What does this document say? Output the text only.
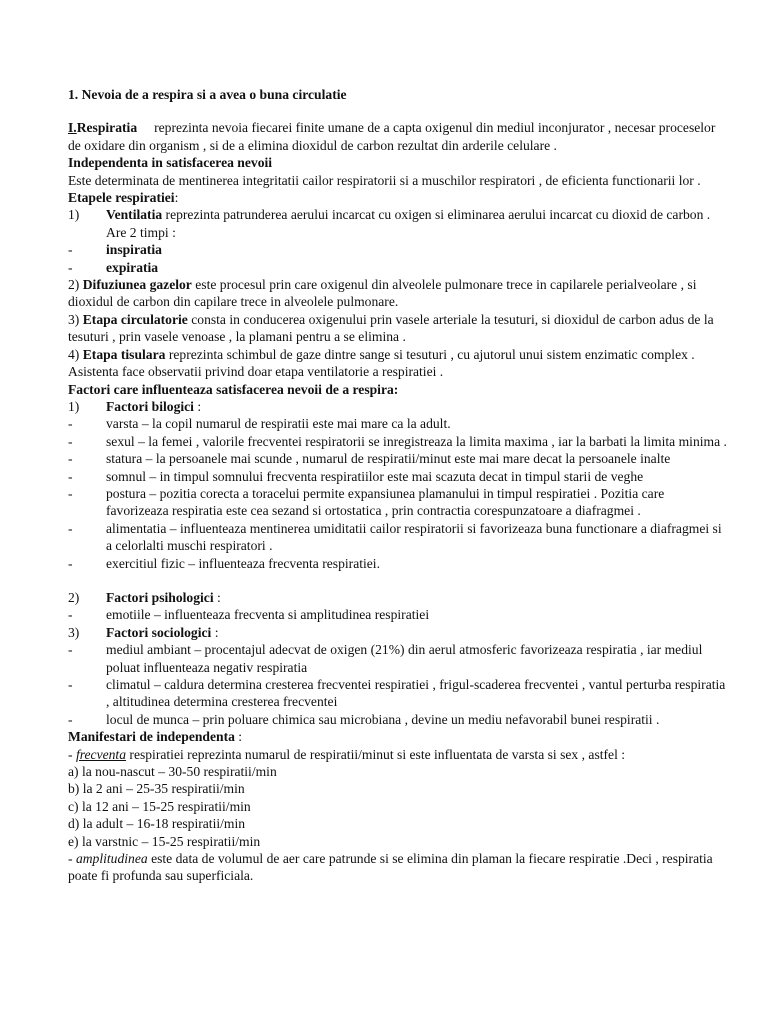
1. Nevoia de a respira si a avea o buna circulatie

I.Respiratia reprezinta nevoia fiecarei finite umane de a capta oxigenul din mediul inconjurator , necesar proceselor de oxidare din organism , si de a elimina dioxidul de carbon rezultat din arderile celulare .

Independenta in satisfacerea nevoii

Este determinata de mentinerea integritatii cailor respiratorii si a muschilor respiratori , de eficienta functionarii lor .

Etapele respiratiei:

1)	Ventilatia reprezinta patrunderea aerului incarcat cu oxigen si eliminarea aerului incarcat cu dioxid de carbon . Are 2 timpi :
-	inspiratia
-	expiratia

2) Difuziunea gazelor este procesul prin care oxigenul din alveolele pulmonare trece in capilarele perialveolare , si dioxidul de carbon din capilare trece in alveolele pulmonare.

3) Etapa circulatorie consta in conducerea oxigenului prin vasele arteriale la tesuturi, si dioxidul de carbon adus de la tesuturi , prin vasele venoase , la plamani pentru a se elimina .

4) Etapa tisulara reprezinta schimbul de gaze dintre sange si tesuturi , cu ajutorul unui sistem enzimatic complex .

Asistenta face observatii privind doar etapa ventilatorie a respiratiei .

Factori care influenteaza satisfacerea nevoii de a respira:

1)	Factori bilogici :
-	varsta – la copil numarul de respiratii este mai mare ca la adult.
-	sexul – la femei , valorile frecventei respiratorii se inregistreaza la limita maxima , iar la barbati la limita minima .
-	statura – la persoanele mai scunde , numarul de respiratii/minut este mai mare decat la persoanele inalte
-	somnul – in timpul somnului frecventa respiratiilor este mai scazuta decat in timpul starii de veghe
-	postura – pozitia corecta a toracelui permite expansiunea plamanului in timpul respiratiei . Pozitia care favorizeaza respiratia este cea sezand si ortostatica , prin contractia corespunzatoare a diafragmei .
-	alimentatia – influenteaza mentinerea umiditatii cailor respiratorii si favorizeaza buna functionare a diafragmei si a celorlalti muschi respiratori .
-	exercitiul fizic – influenteaza frecventa respiratiei.
2)	Factori psihologici :
-	emotiile – influenteaza frecventa si amplitudinea respiratiei
3)	Factori sociologici :
-	mediul ambiant – procentajul adecvat de oxigen (21%) din aerul atmosferic favorizeaza respiratia , iar mediul poluat influenteaza negativ respiratia
-	climatul – caldura determina cresterea frecventei respiratiei , frigul-scaderea frecventei , vantul perturba respiratia , altitudinea determina cresterea frecventei
-	locul de munca – prin poluare chimica sau microbiana , devine un mediu nefavorabil bunei respiratii .

Manifestari de independenta :

- frecventa respiratiei reprezinta numarul de respiratii/minut si este influentata de varsta si sex , astfel :

a) la nou-nascut – 30-50 respiratii/min

b) la 2 ani – 25-35 respiratii/min

c) la 12 ani – 15-25 respiratii/min

d) la adult – 16-18 respiratii/min

e) la varstnic – 15-25 respiratii/min

- amplitudinea este data de volumul de aer care patrunde si se elimina din plaman la fiecare respiratie .Deci , respiratia poate fi profunda sau superficiala.
